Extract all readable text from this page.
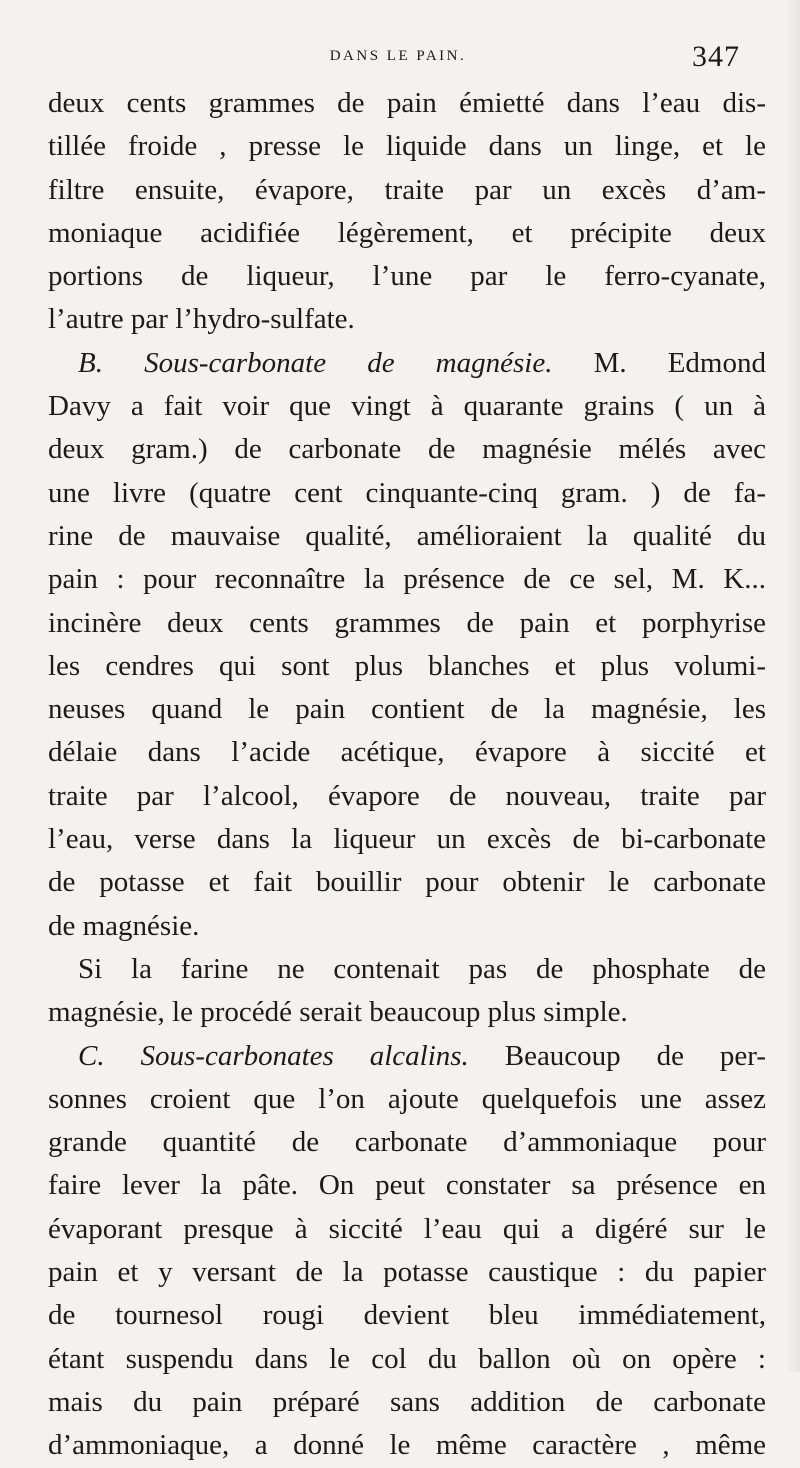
DANS LE PAIN.	347
deux cents grammes de pain émietté dans l’eau dis-
tillée froide , presse le liquide dans un linge, et le
filtre ensuite, évapore, traite par un excès d’am-
moniaque acidifiée légèrement, et précipite deux
portions de liqueur, l’une par le ferro-cyanate,
l’autre par l’hydro-sulfate.
B. Sous-carbonate de magnésie. M. Edmond
Davy a fait voir que vingt à quarante grains ( un à
deux gram.) de carbonate de magnésie mélés avec
une livre (quatre cent cinquante-cinq gram. ) de fa-
rine de mauvaise qualité, amélioraient la qualité du
pain : pour reconnaître la présence de ce sel, M. K...
incinère deux cents grammes de pain et porphyrise
les cendres qui sont plus blanches et plus volumi-
neuses quand le pain contient de la magnésie, les
délaie dans l’acide acétique, évapore à siccité et
traite par l’alcool, évapore de nouveau, traite par
l’eau, verse dans la liqueur un excès de bi-carbonate
de potasse et fait bouillir pour obtenir le carbonate
de magnésie.
Si la farine ne contenait pas de phosphate de
magnésie, le procédé serait beaucoup plus simple.
C. Sous-carbonates alcalins. Beaucoup de per-
sonnes croient que l’on ajoute quelquefois une assez
grande quantité de carbonate d’ammoniaque pour
faire lever la pâte. On peut constater sa présence en
évaporant presque à siccité l’eau qui a digéré sur le
pain et y versant de la potasse caustique : du papier
de tournesol rougi devient bleu immédiatement,
étant suspendu dans le col du ballon où on opère :
mais du pain préparé sans addition de carbonate
d’ammoniaque, a donné le même caractère , même
